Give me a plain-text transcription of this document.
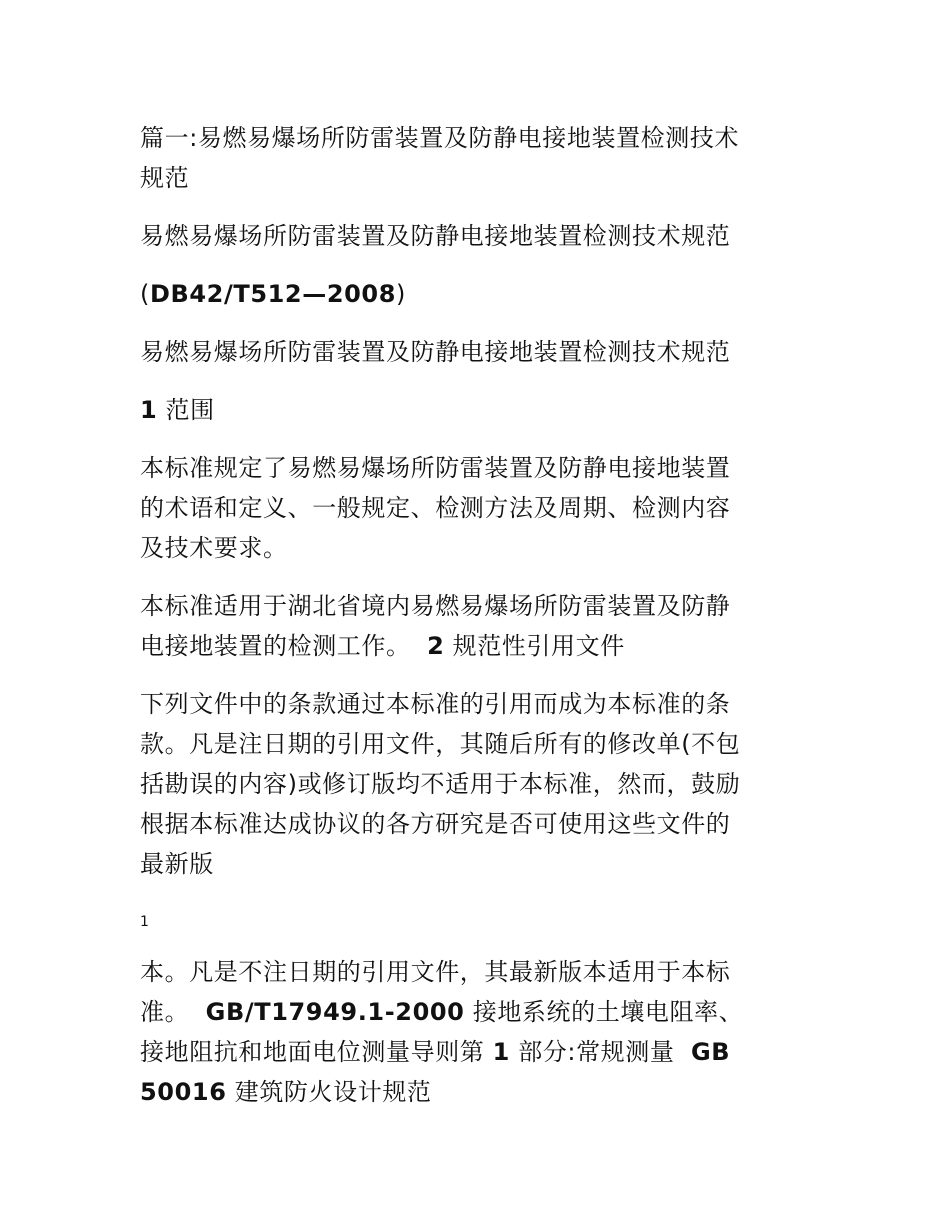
篇一:易燃易爆场所防雷装置及防静电接地装置检测技术
规范

易燃易爆场所防雷装置及防静电接地装置检测技术规范

(DB42/T512—2008)

易燃易爆场所防雷装置及防静电接地装置检测技术规范

1 范围

本标准规定了易燃易爆场所防雷装置及防静电接地装置
的术语和定义、一般规定、检测方法及周期、检测内容
及技术要求。

本标准适用于湖北省境内易燃易爆场所防雷装置及防静
电接地装置的检测工作。 2 规范性引用文件

下列文件中的条款通过本标准的引用而成为本标准的条
款。凡是注日期的引用文件，其随后所有的修改单(不包
括勘误的内容)或修订版均不适用于本标准，然而，鼓励
根据本标准达成协议的各方研究是否可使用这些文件的
最新版

1

本。凡是不注日期的引用文件，其最新版本适用于本标
准。 GB/T17949.1-2000 接地系统的土壤电阻率、
接地阻抗和地面电位测量导则第 1 部分:常规测量 GB
50016 建筑防火设计规范
